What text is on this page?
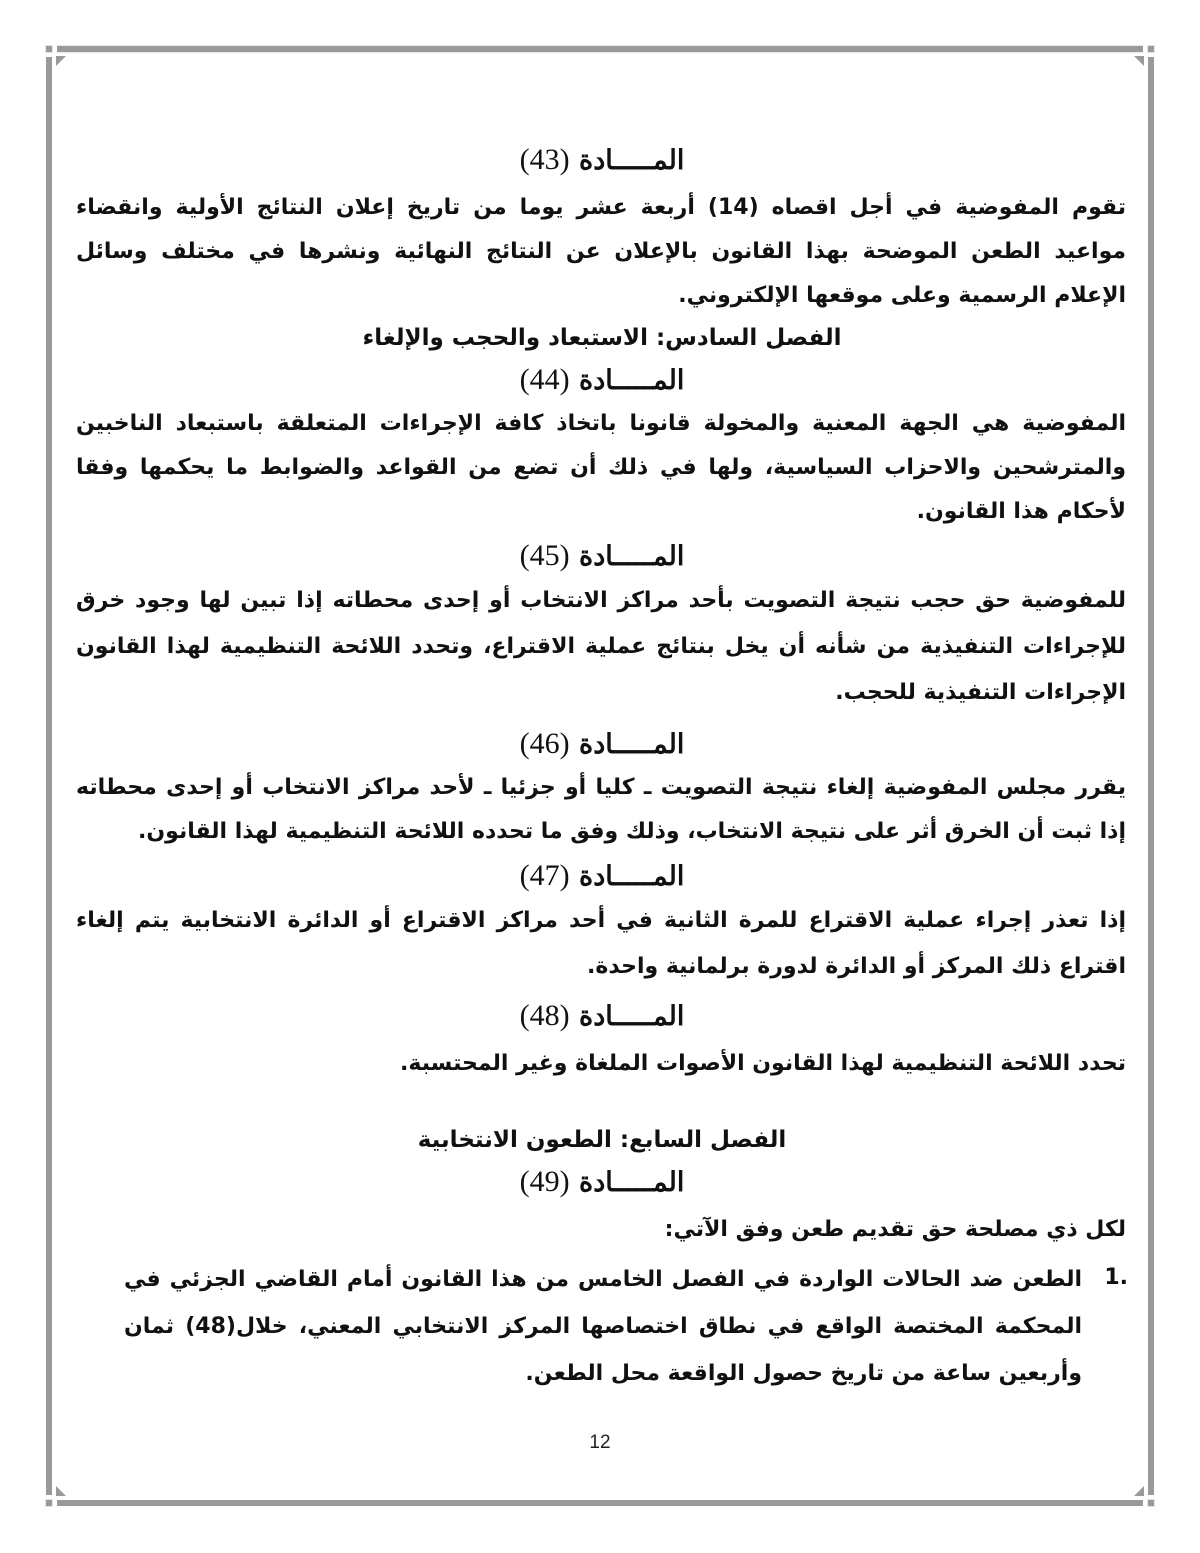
المـــــادة (43)

تقوم المفوضية في أجل اقصاه (14) أربعة عشر يوما من تاريخ إعلان النتائج الأولية وانقضاء مواعيد الطعن الموضحة بهذا القانون بالإعلان عن النتائج النهائية ونشرها في مختلف وسائل الإعلام الرسمية وعلى موقعها الإلكتروني.

الفصل السادس: الاستبعاد والحجب والإلغاء
المـــــادة (44)

المفوضية هي الجهة المعنية والمخولة قانونا باتخاذ كافة الإجراءات المتعلقة باستبعاد الناخبين والمترشحين والاحزاب السياسية، ولها في ذلك أن تضع من القواعد والضوابط ما يحكمها وفقا لأحكام هذا القانون.

المـــــادة (45)

للمفوضية حق حجب نتيجة التصويت بأحد مراكز الانتخاب أو إحدى محطاته إذا تبين لها وجود خرق للإجراءات التنفيذية من شأنه أن يخل بنتائج عملية الاقتراع، وتحدد اللائحة التنظيمية لهذا القانون الإجراءات التنفيذية للحجب.

المـــــادة (46)

يقرر مجلس المفوضية إلغاء نتيجة التصويت ـ كليا أو جزئيا ـ لأحد مراكز الانتخاب أو إحدى محطاته إذا ثبت أن الخرق أثر على نتيجة الانتخاب، وذلك وفق ما تحدده اللائحة التنظيمية لهذا القانون.

المـــــادة (47)

إذا تعذر إجراء عملية الاقتراع للمرة الثانية في أحد مراكز الاقتراع أو الدائرة الانتخابية يتم إلغاء اقتراع ذلك المركز أو الدائرة لدورة برلمانية واحدة.

المـــــادة (48)

تحدد اللائحة التنظيمية لهذا القانون الأصوات الملغاة وغير المحتسبة.

الفصل السابع: الطعون الانتخابية
المـــــادة (49)

لكل ذي مصلحة حق تقديم طعن وفق الآتي:

.1
الطعن ضد الحالات الواردة في الفصل الخامس من هذا القانون أمام القاضي الجزئي في المحكمة المختصة الواقع في نطاق اختصاصها المركز الانتخابي المعني، خلال(48) ثمان وأربعين ساعة من تاريخ حصول الواقعة محل الطعن.
12
